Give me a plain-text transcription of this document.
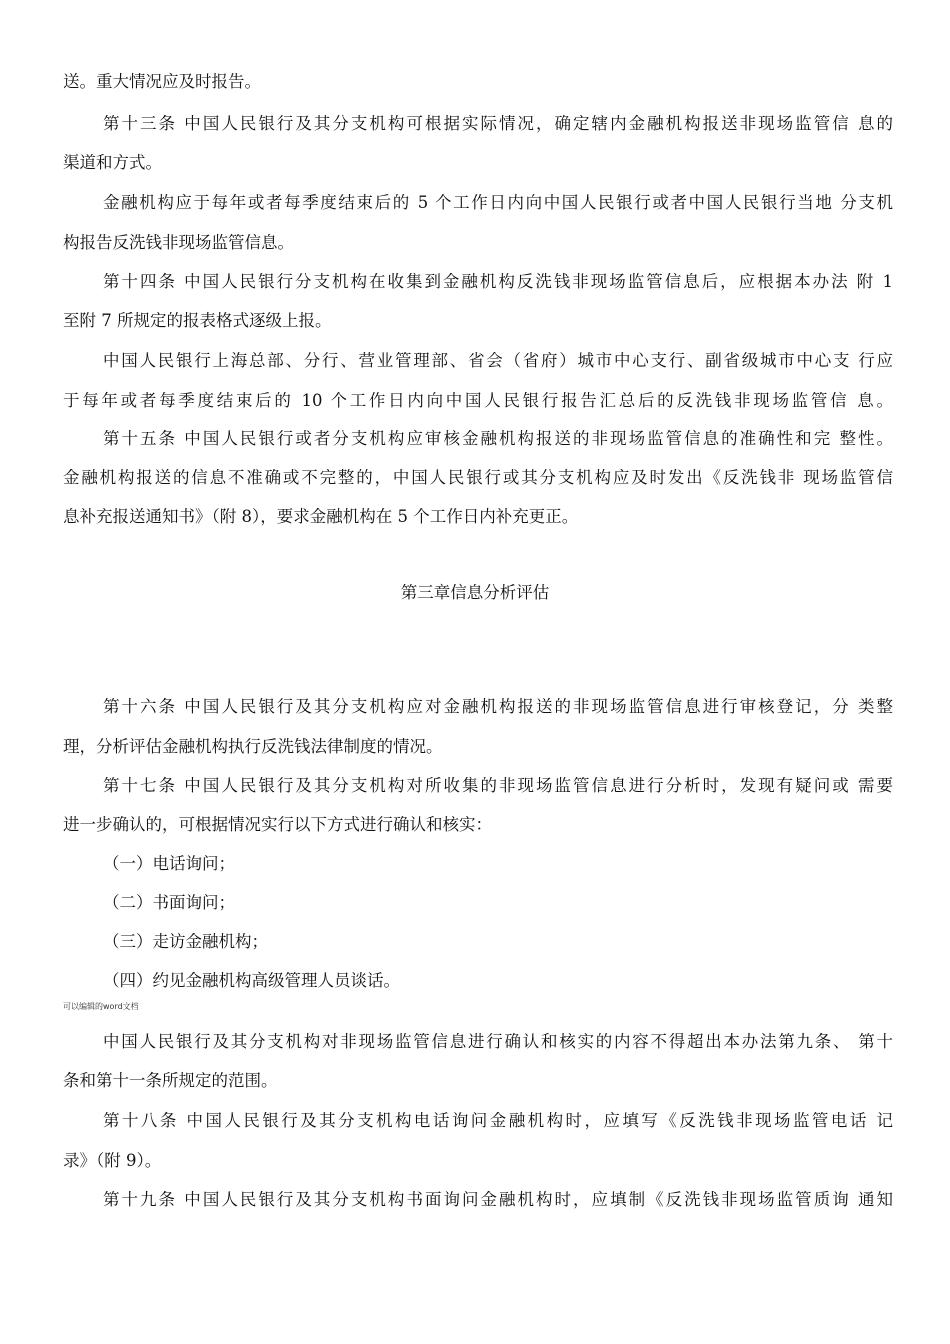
送。重大情况应及时报告。
第十三条 中国人民银行及其分支机构可根据实际情况，确定辖内金融机构报送非现场监管信 息的
渠道和方式。
金融机构应于每年或者每季度结束后的 5 个工作日内向中国人民银行或者中国人民银行当地 分支机
构报告反洗钱非现场监管信息。
第十四条 中国人民银行分支机构在收集到金融机构反洗钱非现场监管信息后，应根据本办法 附 1
至附 7 所规定的报表格式逐级上报。
中国人民银行上海总部、分行、营业管理部、省会（省府）城市中心支行、副省级城市中心支 行应
于每年或者每季度结束后的 10 个工作日内向中国人民银行报告汇总后的反洗钱非现场监管信 息。
第十五条 中国人民银行或者分支机构应审核金融机构报送的非现场监管信息的准确性和完 整性。
金融机构报送的信息不准确或不完整的，中国人民银行或其分支机构应及时发出《反洗钱非 现场监管信
息补充报送通知书》（附 8），要求金融机构在 5 个工作日内补充更正。
第三章信息分析评估
第十六条 中国人民银行及其分支机构应对金融机构报送的非现场监管信息进行审核登记，分 类整
理，分析评估金融机构执行反洗钱法律制度的情况。
第十七条 中国人民银行及其分支机构对所收集的非现场监管信息进行分析时，发现有疑问或 需要
进一步确认的，可根据情况实行以下方式进行确认和核实：
（一）电话询问；
（二）书面询问；
（三）走访金融机构；
（四）约见金融机构高级管理人员谈话。
可以编辑的word文档
中国人民银行及其分支机构对非现场监管信息进行确认和核实的内容不得超出本办法第九条、 第十
条和第十一条所规定的范围。
第十八条 中国人民银行及其分支机构电话询问金融机构时，应填写《反洗钱非现场监管电话 记
录》（附 9）。
第十九条 中国人民银行及其分支机构书面询问金融机构时，应填制《反洗钱非现场监管质询 通知
